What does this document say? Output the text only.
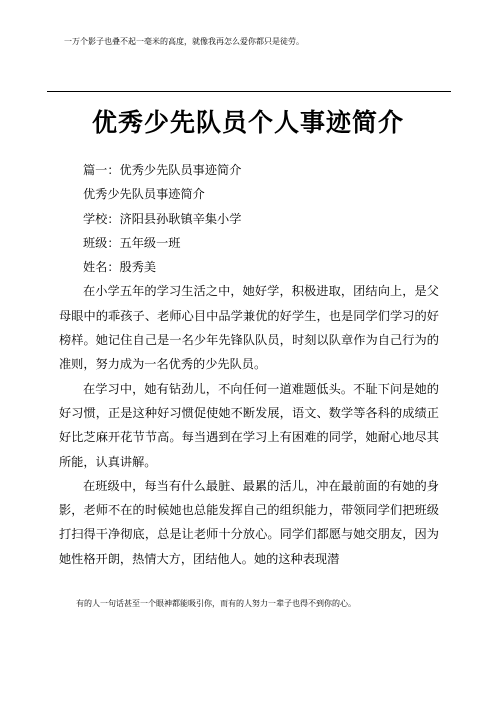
一万个影子也叠不起一毫米的高度，就像我再怎么爱你都只是徒劳。
优秀少先队员个人事迹简介

篇一：优秀少先队员事迹简介

优秀少先队员事迹简介

学校：济阳县孙耿镇辛集小学

班级：五年级一班

姓名：殷秀美

在小学五年的学习生活之中，她好学，积极进取，团结向上，是父母眼中的乖孩子、老师心目中品学兼优的好学生，也是同学们学习的好榜样。她记住自己是一名少年先锋队队员，时刻以队章作为自己行为的准则，努力成为一名优秀的少先队员。

在学习中，她有钻劲儿，不向任何一道难题低头。不耻下问是她的好习惯，正是这种好习惯促使她不断发展，语文、数学等各科的成绩正好比芝麻开花节节高。每当遇到在学习上有困难的同学，她耐心地尽其所能，认真讲解。

在班级中，每当有什么最脏、最累的活儿，冲在最前面的有她的身影，老师不在的时候她也总能发挥自己的组织能力，带领同学们把班级打扫得干净彻底，总是让老师十分放心。同学们都愿与她交朋友，因为她性格开朗，热情大方，团结他人。她的这种表现潜

有的人一句话甚至一个眼神都能吸引你，而有的人努力一辈子也得不到你的心。
